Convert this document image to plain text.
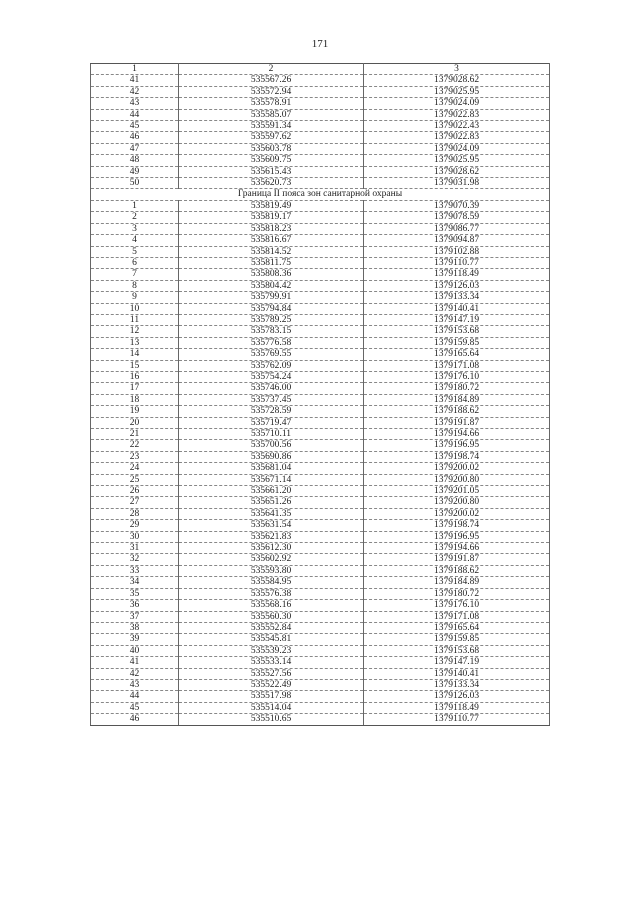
171
1	2	3
41	535567.26	1379028.62
42	535572.94	1379025.95
43	535578.91	1379024.09
44	535585.07	1379022.83
45	535591.34	1379022.43
46	535597.62	1379022.83
47	535603.78	1379024.09
48	535609.75	1379025.95
49	535615.43	1379028.62
50	535620.73	1379031.98
Граница II пояса зон санитарной охраны		
1	535819.49	1379070.39
2	535819.17	1379078.59
3	535818.23	1379086.77
4	535816.67	1379094.87
5	535814.52	1379102.88
6	535811.75	1379110.77
7	535808.36	1379118.49
8	535804.42	1379126.03
9	535799.91	1379133.34
10	535794.84	1379140.41
11	535789.25	1379147.19
12	535783.15	1379153.68
13	535776.58	1379159.85
14	535769.55	1379165.64
15	535762.09	1379171.08
16	535754.24	1379176.10
17	535746.00	1379180.72
18	535737.45	1379184.89
19	535728.59	1379188.62
20	535719.47	1379191.87
21	535710.11	1379194.66
22	535700.56	1379196.95
23	535690.86	1379198.74
24	535681.04	1379200.02
25	535671.14	1379200.80
26	535661.20	1379201.05
27	535651.26	1379200.80
28	535641.35	1379200.02
29	535631.54	1379198.74
30	535621.83	1379196.95
31	535612.30	1379194.66
32	535602.92	1379191.87
33	535593.80	1379188.62
34	535584.95	1379184.89
35	535576.38	1379180.72
36	535568.16	1379176.10
37	535560.30	1379171.08
38	535552.84	1379165.64
39	535545.81	1379159.85
40	535539.23	1379153.68
41	535533.14	1379147.19
42	535527.56	1379140.41
43	535522.49	1379133.34
44	535517.98	1379126.03
45	535514.04	1379118.49
46	535510.65	1379110.77
